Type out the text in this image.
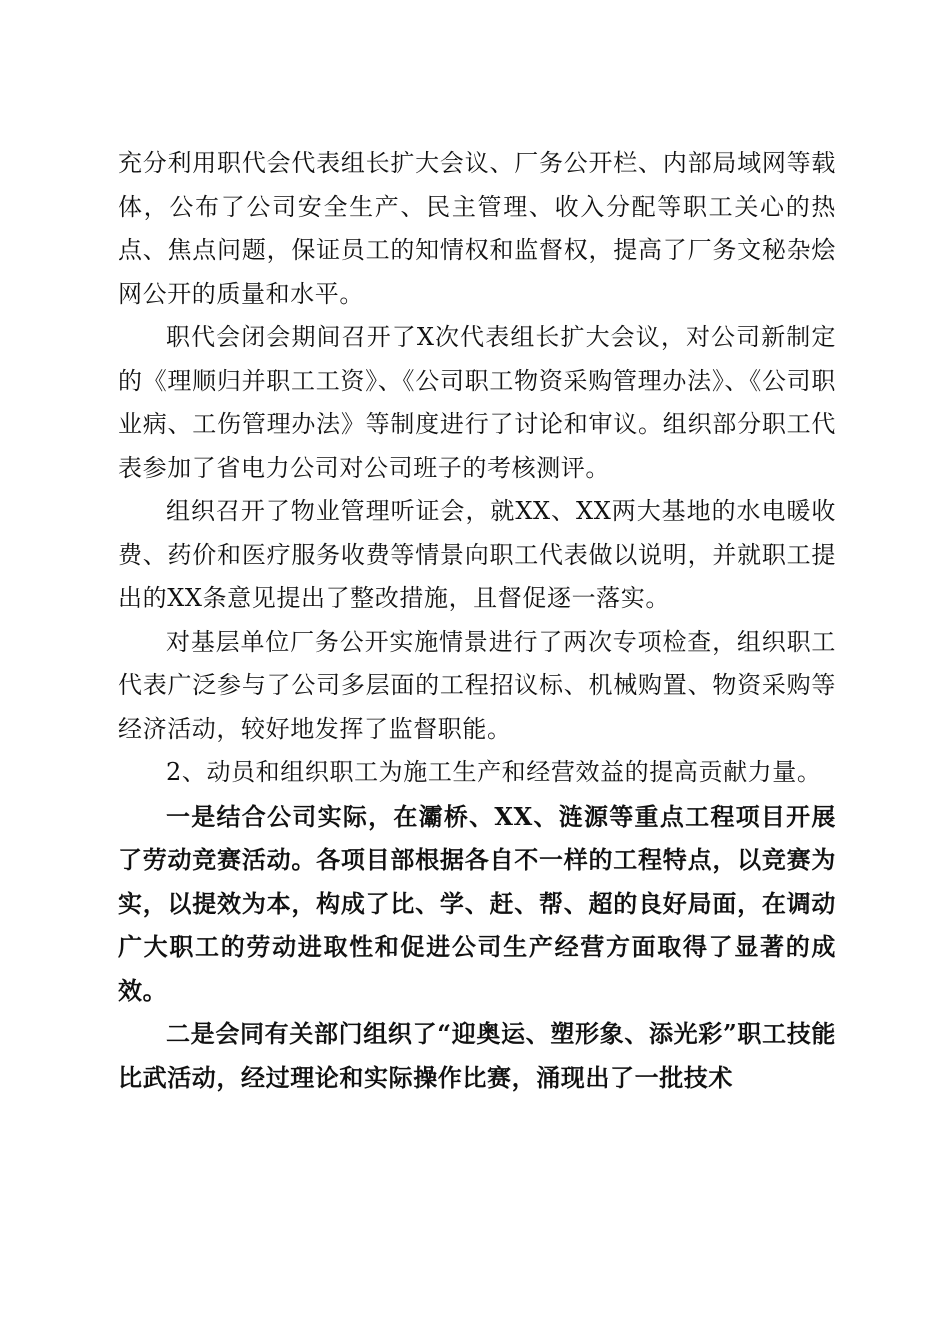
充分利用职代会代表组长扩大会议、厂务公开栏、内部局域网等载体，公布了公司安全生产、民主管理、收入分配等职工关心的热点、焦点问题，保证员工的知情权和监督权，提高了厂务文秘杂烩网公开的质量和水平。

职代会闭会期间召开了X次代表组长扩大会议，对公司新制定的《理顺归并职工工资》、《公司职工物资采购管理办法》、《公司职业病、工伤管理办法》等制度进行了讨论和审议。组织部分职工代表参加了省电力公司对公司班子的考核测评。

组织召开了物业管理听证会，就XX、XX两大基地的水电暖收费、药价和医疗服务收费等情景向职工代表做以说明，并就职工提出的XX条意见提出了整改措施，且督促逐一落实。

对基层单位厂务公开实施情景进行了两次专项检查，组织职工代表广泛参与了公司多层面的工程招议标、机械购置、物资采购等经济活动，较好地发挥了监督职能。

2、动员和组织职工为施工生产和经营效益的提高贡献力量。

一是结合公司实际，在灞桥、XX、涟源等重点工程项目开展了劳动竞赛活动。各项目部根据各自不一样的工程特点，以竞赛为实，以提效为本，构成了比、学、赶、帮、超的良好局面，在调动广大职工的劳动进取性和促进公司生产经营方面取得了显著的成效。

二是会同有关部门组织了“迎奥运、塑形象、添光彩”职工技能比武活动，经过理论和实际操作比赛，涌现出了一批技术
